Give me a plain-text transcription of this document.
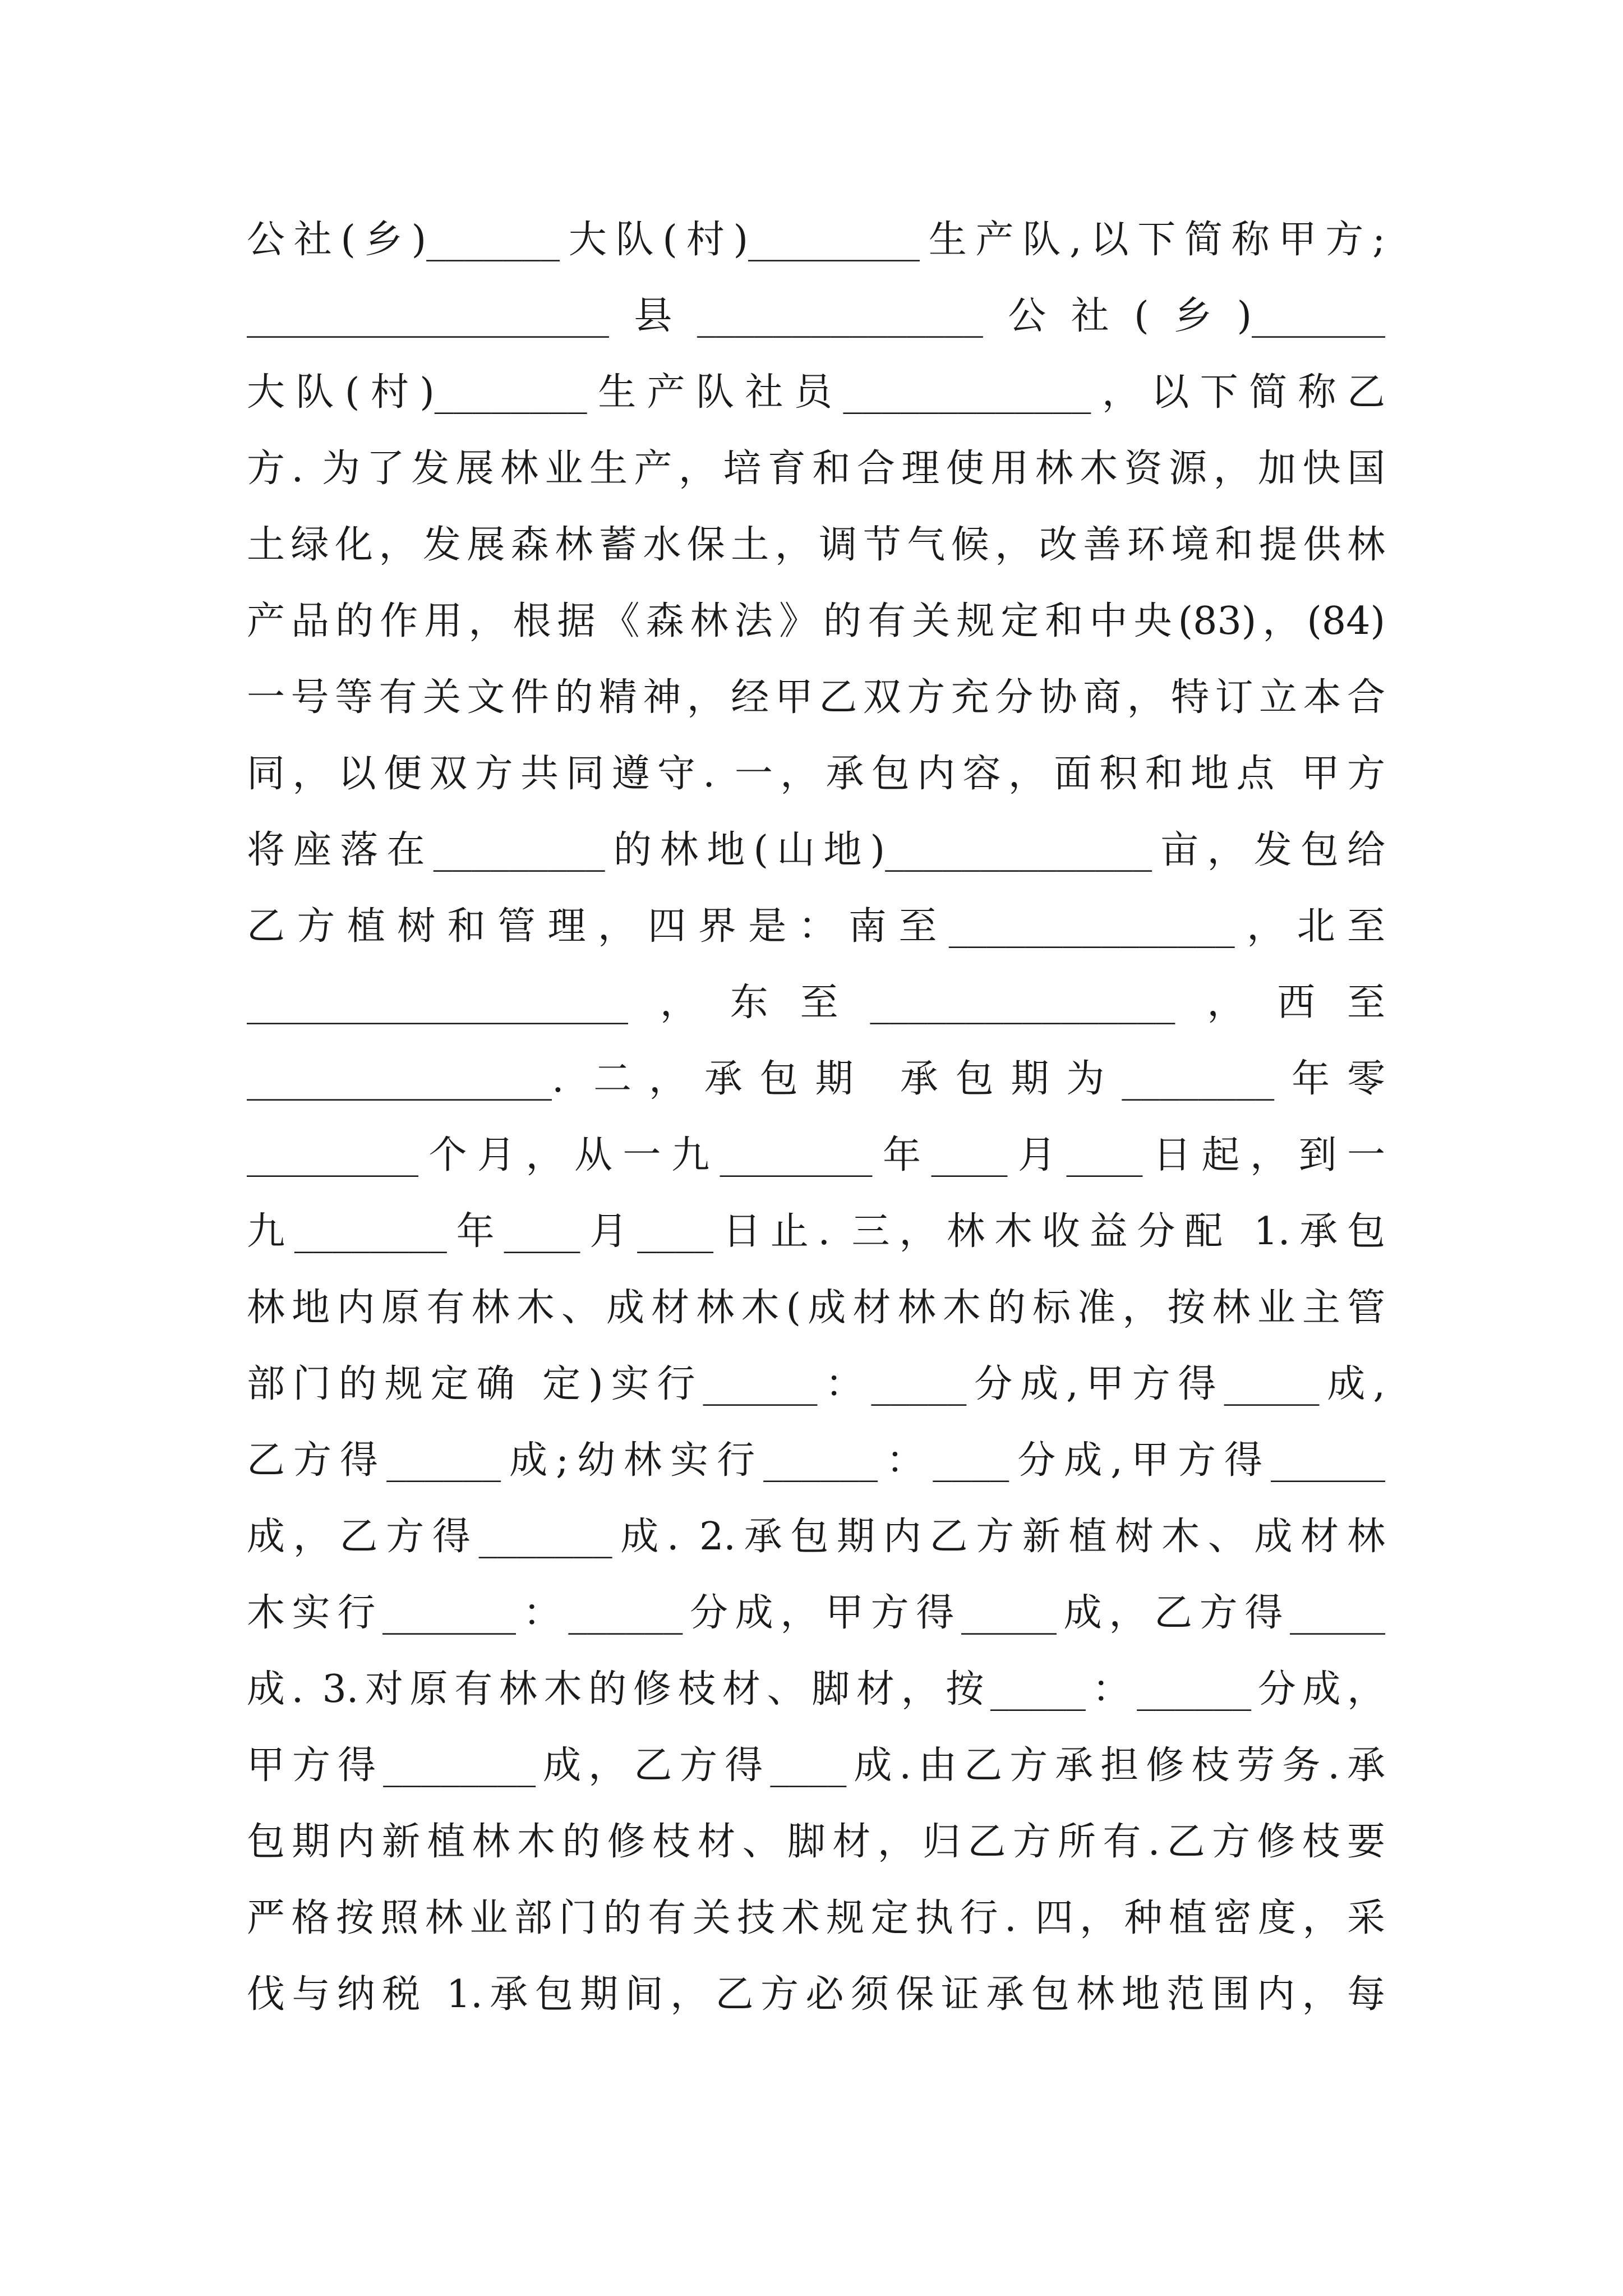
公社(乡)_______大队(村)_________生产队,以下简称甲方;
___________________县_______________公社(乡)_______
大队(村)________生产队社员_____________，以下简称乙
方. 为了发展林业生产，培育和合理使用林木资源，加快国
土绿化，发展森林蓄水保土，调节气候，改善环境和提供林
产品的作用，根据《森林法》的有关规定和中央(83)，(84)
一号等有关文件的精神，经甲乙双方充分协商，特订立本合
同，以便双方共同遵守. 一，承包内容，面积和地点 甲方
将座落在_________的林地(山地)______________亩，发包给
乙方植树和管理，四界是：南至_______________，北至
____________________，东至________________，西至
________________. 二，承包期 承包期为________年零
_________个月，从一九________年____月____日起，到一
九________年____月____日止. 三，林木收益分配 1.承包
林地内原有林木、成材林木(成材林木的标准，按林业主管
部门的规定确 定)实行______：_____分成,甲方得_____成,
乙方得______成;幼林实行______：____分成,甲方得______
成，乙方得_______成. 2.承包期内乙方新植树木、成材林
木实行_______：______分成，甲方得_____成，乙方得_____
成. 3.对原有林木的修枝材、脚材，按_____：______分成，
甲方得________成，乙方得____成.由乙方承担修枝劳务.承
包期内新植林木的修枝材、脚材，归乙方所有.乙方修枝要
严格按照林业部门的有关技术规定执行. 四，种植密度，采
伐与纳税 1.承包期间，乙方必须保证承包林地范围内，每
